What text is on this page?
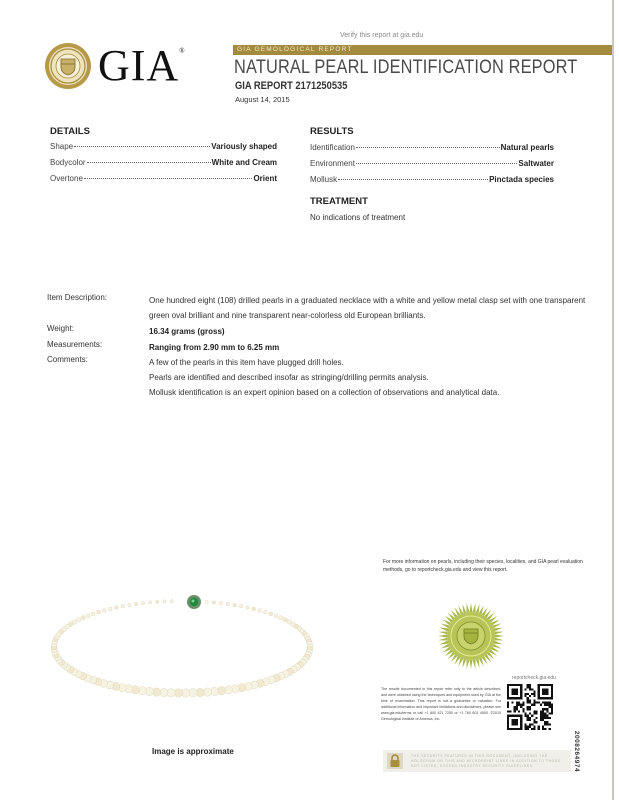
GIA®
Verify this report at gia.edu
GIA GEMOLOGICAL REPORT
NATURAL PEARL IDENTIFICATION REPORT
GIA REPORT 2171250535
August 14, 2015
DETAILS
Shape	Variously shaped
Bodycolor	White and Cream
Overtone	Orient
RESULTS
Identification	Natural pearls
Environment	Saltwater
Mollusk	Pinctada species
TREATMENT
No indications of treatment
Item Description:	One hundred eight (108) drilled pearls in a graduated necklace with a white and yellow metal clasp set with one transparent green oval brilliant and nine transparent near-colorless old European brilliants.
Weight:	16.34 grams (gross)
Measurements:	Ranging from 2.90 mm to 6.25 mm
Comments:	A few of the pearls in this item have plugged drill holes.
Pearls are identified and described insofar as stringing/drilling permits analysis.
Mollusk identification is an expert opinion based on a collection of observations and analytical data.
Image is approximate
For more information on pearls, including their species, localities, and GIA pearl evaluation methods, go to reportcheck.gia.edu and view this report.
The results documented in this report refer only to the article described, and were obtained using the techniques and equipment used by GIA at the time of examination. This report is not a guarantee or valuation. For additional information and important limitations and disclaimers, please see www.gia.edu/terms or call +1 800 421 7250 or +1 760 603 4500. ©2015 Gemological Institute of America, Inc.
reportcheck.gia.edu
THE SECURITY FEATURES IN THIS DOCUMENT, INCLUDING THE HOLOGRAM ON THIS AND MICROPRINT LINES IN ADDITION TO THOSE NOT LISTED, EXCEED INDUSTRY SECURITY GUIDELINES.	2008264974
